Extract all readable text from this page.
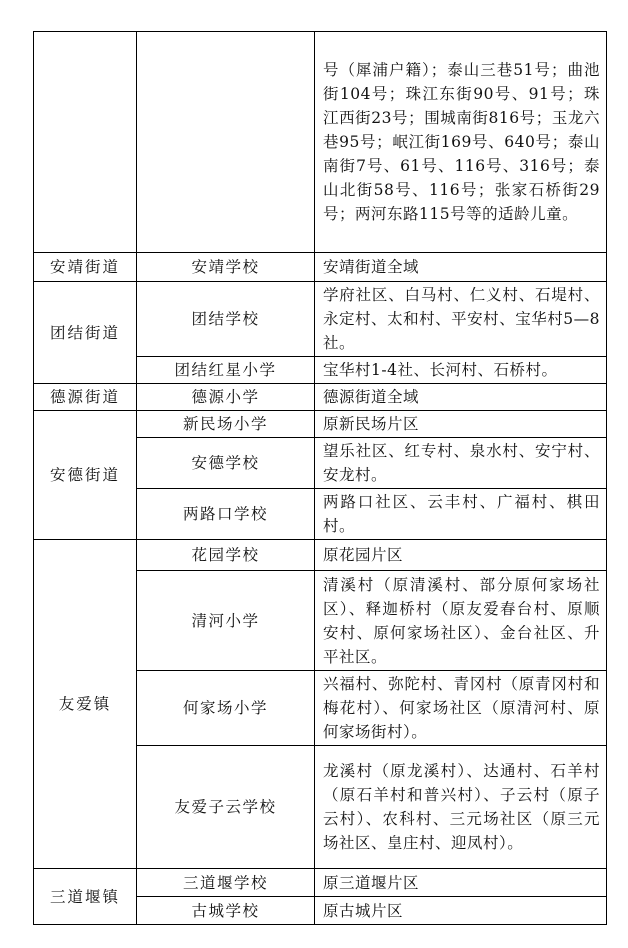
		号（犀浦户籍）；泰山三巷51号；曲池街104号；珠江东街90号、91号；珠江西街23号；围城南街816号；玉龙六巷95号；岷江街169号、640号；泰山南街7号、61号、116号、316号；泰山北街58号、116号；张家石桥街29号；两河东路115号等的适龄儿童。
安靖街道	安靖学校	安靖街道全域
团结街道	团结学校	学府社区、白马村、仁义村、石堤村、永定村、太和村、平安村、宝华村5—8社。
	团结红星小学	宝华村1-4社、长河村、石桥村。
德源街道	德源小学	德源街道全域
安德街道	新民场小学	原新民场片区
	安德学校	望乐社区、红专村、泉水村、安宁村、安龙村。
	两路口学校	两路口社区、云丰村、广福村、棋田村。
友爱镇	花园学校	原花园片区
	清河小学	清溪村（原清溪村、部分原何家场社区）、释迦桥村（原友爱春台村、原顺安村、原何家场社区）、金台社区、升平社区。
	何家场小学	兴福村、弥陀村、青冈村（原青冈村和梅花村）、何家场社区（原清河村、原何家场街村）。
	友爱子云学校	龙溪村（原龙溪村）、达通村、石羊村（原石羊村和普兴村）、子云村（原子云村）、农科村、三元场社区（原三元场社区、皇庄村、迎凤村）。
三道堰镇	三道堰学校	原三道堰片区
	古城学校	原古城片区
